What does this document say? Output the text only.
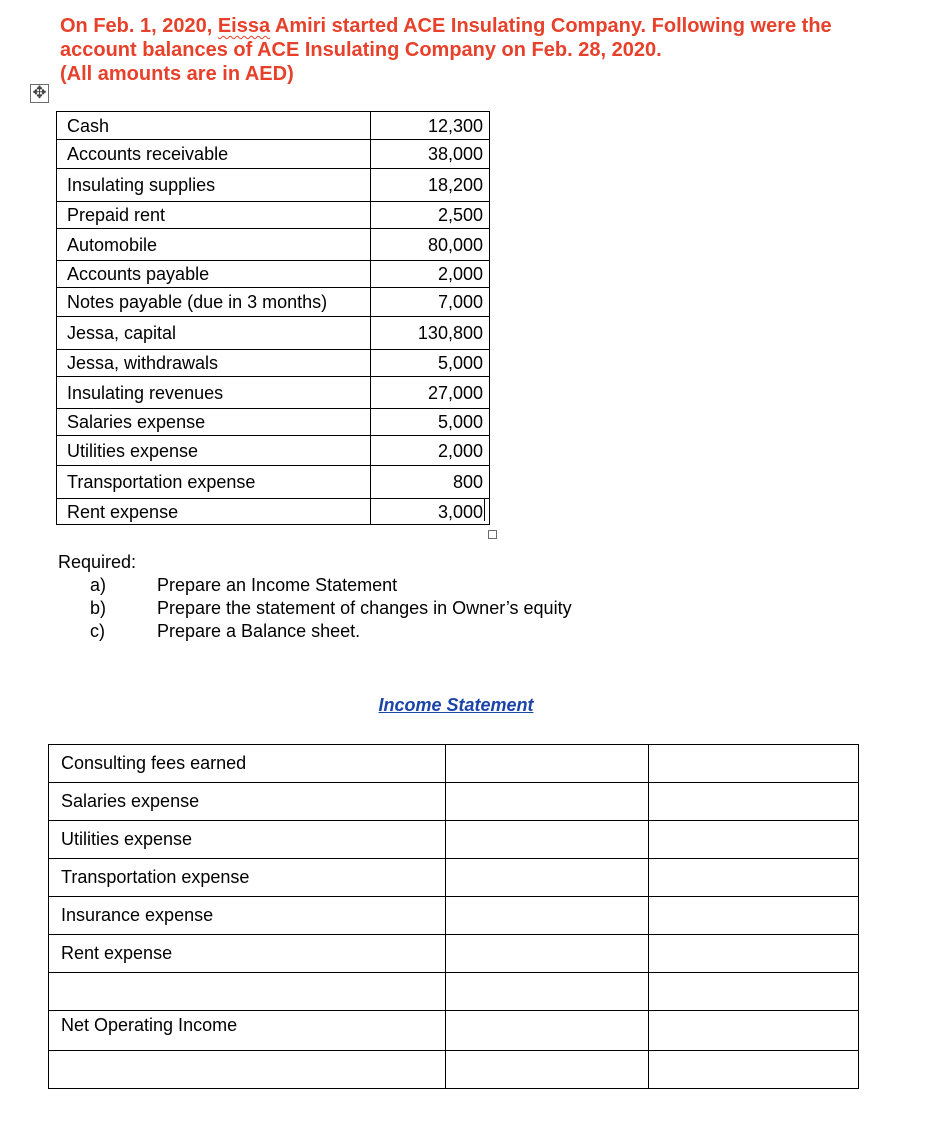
On Feb. 1, 2020, Eissa Amiri started ACE Insulating Company. Following were the
account balances of ACE Insulating Company on Feb. 28, 2020.
(All amounts are in AED)
✥
Cash	12,300
Accounts receivable	38,000
Insulating supplies	18,200
Prepaid rent	2,500
Automobile	80,000
Accounts payable	2,000
Notes payable (due in 3 months)	7,000
Jessa, capital	130,800
Jessa, withdrawals	5,000
Insulating revenues	27,000
Salaries expense	5,000
Utilities expense	2,000
Transportation expense	800
Rent expense	3,000
Required:
a)	Prepare an Income Statement
b)	Prepare the statement of changes in Owner’s equity
c)	Prepare a Balance sheet.
Income Statement
Consulting fees earned		
Salaries expense		
Utilities expense		
Transportation expense		
Insurance expense		
Rent expense		

Net Operating Income		
